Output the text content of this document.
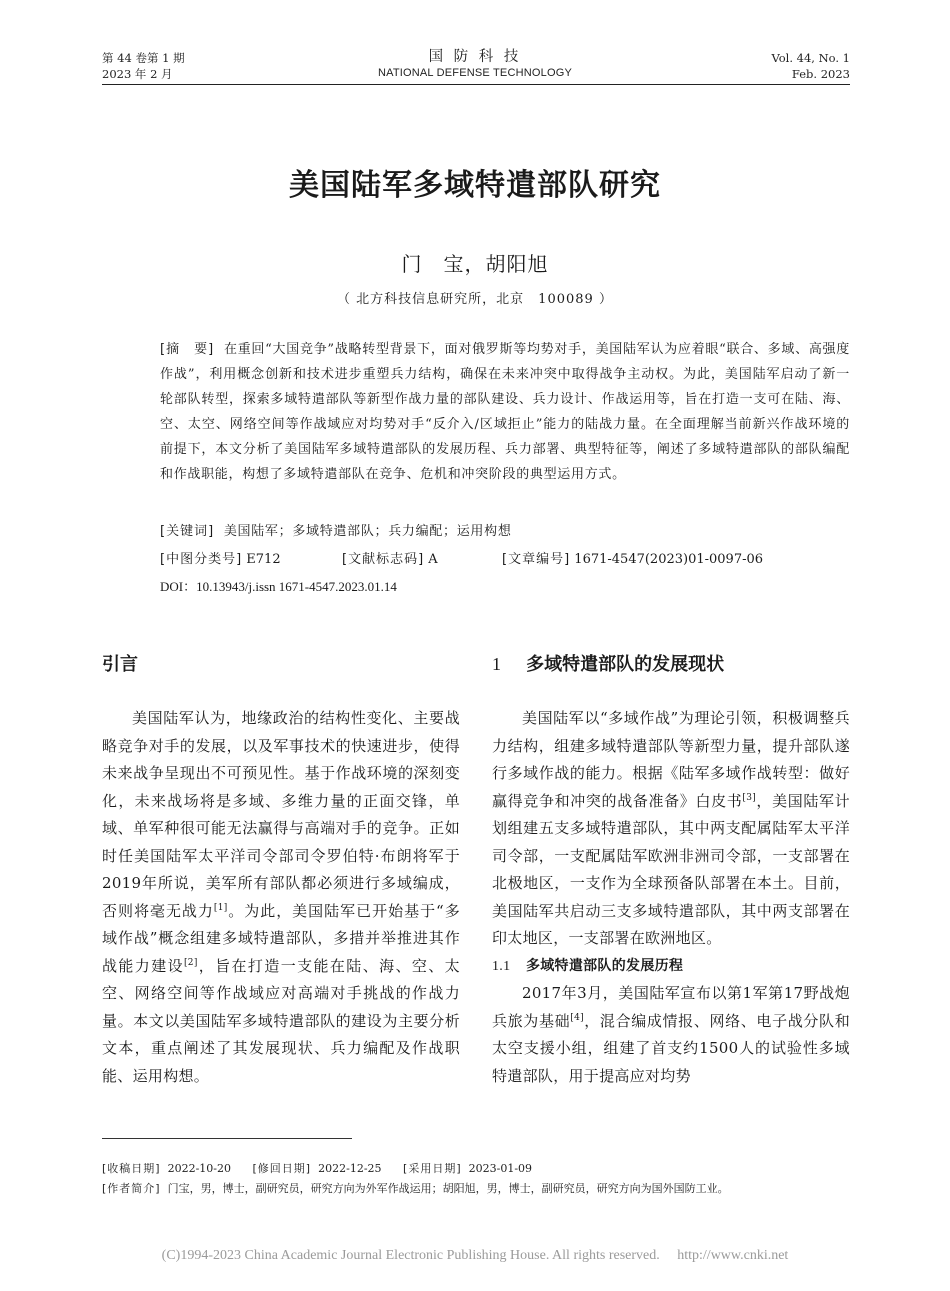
第 44 卷第 1 期
2023 年 2 月
国 防 科 技
NATIONAL DEFENSE TECHNOLOGY
Vol. 44, No. 1
Feb. 2023
美国陆军多域特遣部队研究
门　宝，胡阳旭
（ 北方科技信息研究所，北京　100089 ）
[摘　要] 在重回“大国竞争”战略转型背景下，面对俄罗斯等均势对手，美国陆军认为应着眼“联合、多域、高强度作战”，利用概念创新和技术进步重塑兵力结构，确保在未来冲突中取得战争主动权。为此，美国陆军启动了新一轮部队转型，探索多域特遣部队等新型作战力量的部队建设、兵力设计、作战运用等，旨在打造一支可在陆、海、空、太空、网络空间等作战域应对均势对手“反介入/区域拒止”能力的陆战力量。在全面理解当前新兴作战环境的前提下，本文分析了美国陆军多域特遣部队的发展历程、兵力部署、典型特征等，阐述了多域特遣部队的部队编配和作战职能，构想了多域特遣部队在竞争、危机和冲突阶段的典型运用方式。
[关键词] 美国陆军；多域特遣部队；兵力编配；运用构想
[中图分类号] E712	[文献标志码] A	[文章编号] 1671-4547(2023)01-0097-06
DOI：10.13943/j.issn 1671-4547.2023.01.14
引言	1 多域特遣部队的发展现状

美国陆军认为，地缘政治的结构性变化、主要战略竞争对手的发展，以及军事技术的快速进步，使得未来战争呈现出不可预见性。基于作战环境的深刻变化，未来战场将是多域、多维力量的正面交锋，单域、单军种很可能无法赢得与高端对手的竞争。正如时任美国陆军太平洋司令部司令罗伯特·布朗将军于2019年所说，美军所有部队都必须进行多域编成，否则将毫无战力[1]。为此，美国陆军已开始基于“多域作战”概念组建多域特遣部队，多措并举推进其作战能力建设[2]，旨在打造一支能在陆、海、空、太空、网络空间等作战域应对高端对手挑战的作战力量。本文以美国陆军多域特遣部队的建设为主要分析文本，重点阐述了其发展现状、兵力编配及作战职能、运用构想。

美国陆军以“多域作战”为理论引领，积极调整兵力结构，组建多域特遣部队等新型力量，提升部队遂行多域作战的能力。根据《陆军多域作战转型：做好赢得竞争和冲突的战备准备》白皮书[3]，美国陆军计划组建五支多域特遣部队，其中两支配属陆军太平洋司令部，一支配属陆军欧洲非洲司令部，一支部署在北极地区，一支作为全球预备队部署在本土。目前，美国陆军共启动三支多域特遣部队，其中两支部署在印太地区，一支部署在欧洲地区。

1.1 多域特遣部队的发展历程

2017年3月，美国陆军宣布以第1军第17野战炮兵旅为基础[4]，混合编成情报、网络、电子战分队和太空支援小组，组建了首支约1500人的试验性多域特遣部队，用于提高应对均势

[收稿日期] 2022-10-20 [修回日期] 2022-12-25 [采用日期] 2023-01-09
[作者简介] 门宝，男，博士，副研究员，研究方向为外军作战运用；胡阳旭，男，博士，副研究员，研究方向为国外国防工业。
(C)1994-2023 China Academic Journal Electronic Publishing House. All rights reserved.　 http://www.cnki.net
